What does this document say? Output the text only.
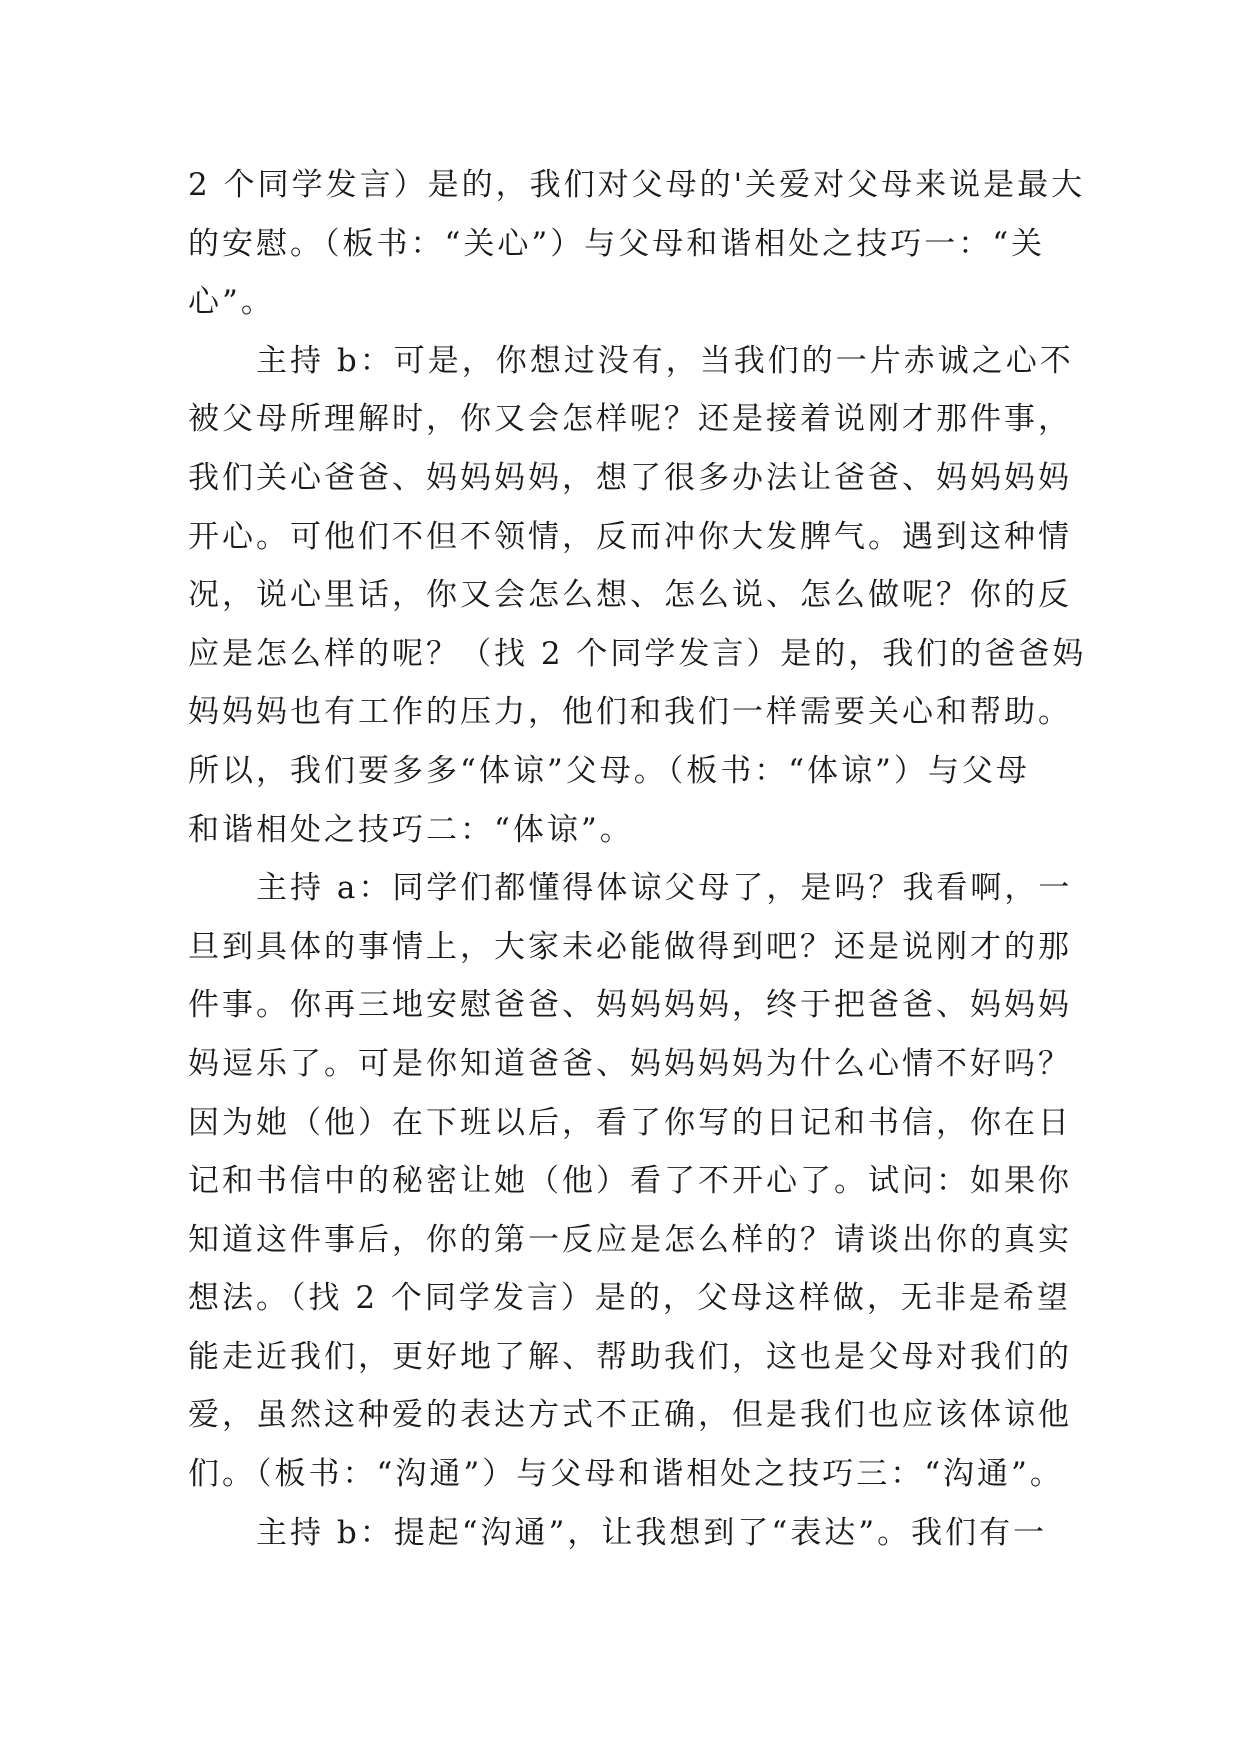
2 个同学发言）是的，我们对父母的'关爱对父母来说是最大
的安慰。（板书：“关心”）与父母和谐相处之技巧一：“关
心”。
主持 b：可是，你想过没有，当我们的一片赤诚之心不
被父母所理解时，你又会怎样呢？还是接着说刚才那件事，
我们关心爸爸、妈妈妈妈，想了很多办法让爸爸、妈妈妈妈
开心。可他们不但不领情，反而冲你大发脾气。遇到这种情
况，说心里话，你又会怎么想、怎么说、怎么做呢？你的反
应是怎么样的呢？（找 2 个同学发言）是的，我们的爸爸妈
妈妈妈也有工作的压力，他们和我们一样需要关心和帮助。
所以，我们要多多“体谅”父母。（板书：“体谅”）与父母
和谐相处之技巧二：“体谅”。
主持 a：同学们都懂得体谅父母了，是吗？我看啊，一
旦到具体的事情上，大家未必能做得到吧？还是说刚才的那
件事。你再三地安慰爸爸、妈妈妈妈，终于把爸爸、妈妈妈
妈逗乐了。可是你知道爸爸、妈妈妈妈为什么心情不好吗？
因为她（他）在下班以后，看了你写的日记和书信，你在日
记和书信中的秘密让她（他）看了不开心了。试问：如果你
知道这件事后，你的第一反应是怎么样的？请谈出你的真实
想法。（找 2 个同学发言）是的，父母这样做，无非是希望
能走近我们，更好地了解、帮助我们，这也是父母对我们的
爱，虽然这种爱的表达方式不正确，但是我们也应该体谅他
们。（板书：“沟通”）与父母和谐相处之技巧三：“沟通”。
主持 b：提起“沟通”，让我想到了“表达”。我们有一
